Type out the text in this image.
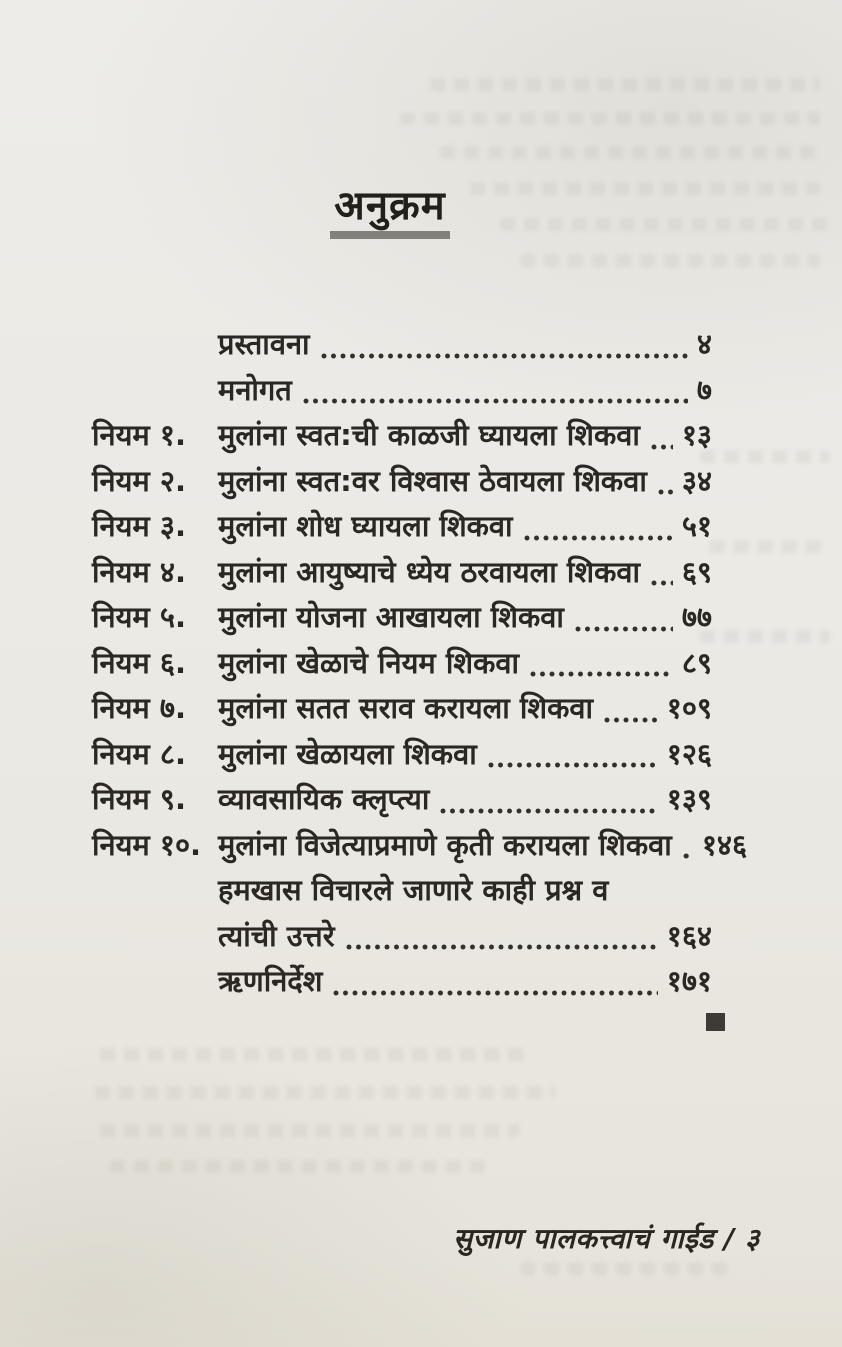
अनुक्रम
प्रस्तावना	४
मनोगत	७
नियम १.	मुलांना स्वत:ची काळजी घ्यायला शिकवा १३
नियम २.	मुलांना स्वत:वर विश्वास ठेवायला शिकवा ३४
नियम ३.	मुलांना शोध घ्यायला शिकवा	५१
नियम ४.	मुलांना आयुष्याचे ध्येय ठरवायला शिकवा ६९
नियम ५.	मुलांना योजना आखायला शिकवा	७७
नियम ६.	मुलांना खेळाचे नियम शिकवा	८९
नियम ७.	मुलांना सतत सराव करायला शिकवा	१०९
नियम ८.	मुलांना खेळायला शिकवा	१२६
नियम ९.	व्यावसायिक क्लृप्त्या	१३९
नियम १०. मुलांना विजेत्याप्रमाणे कृती करायला शिकवा १४६
हमखास विचारले जाणारे काही प्रश्न व
त्यांची उत्तरे	१६४
ऋणनिर्देश	१७१
सुजाण पालकत्त्वाचं गाईड / ३
